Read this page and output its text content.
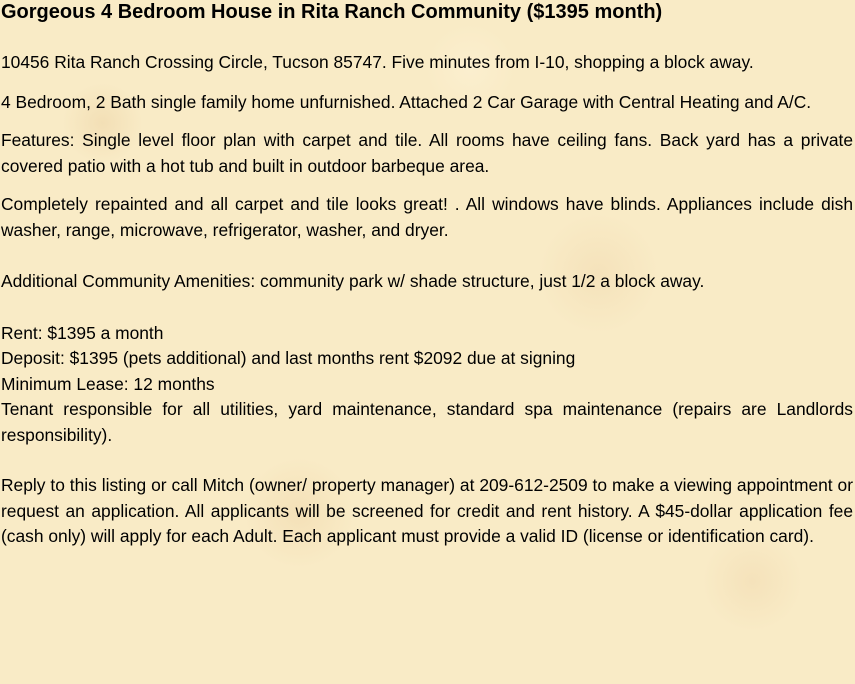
Gorgeous 4 Bedroom House in Rita Ranch Community ($1395 month)

10456 Rita Ranch Crossing Circle, Tucson 85747. Five minutes from I-10, shopping a block away.

4 Bedroom, 2 Bath single family home unfurnished. Attached 2 Car Garage with Central Heating and A/C.

Features: Single level floor plan with carpet and tile. All rooms have ceiling fans. Back yard has a private covered patio with a hot tub and built in outdoor barbeque area.

Completely repainted and all carpet and tile looks great! . All windows have blinds. Appliances include dish washer, range, microwave, refrigerator, washer, and dryer.

Additional Community Amenities: community park w/ shade structure, just 1/2 a block away.

Rent: $1395 a month
Deposit: $1395 (pets additional) and last months rent $2092 due at signing
Minimum Lease: 12 months
Tenant responsible for all utilities, yard maintenance, standard spa maintenance (repairs are Landlords responsibility).

Reply to this listing or call Mitch (owner/ property manager) at 209-612-2509 to make a viewing appointment or request an application. All applicants will be screened for credit and rent history. A $45-dollar application fee (cash only) will apply for each Adult. Each applicant must provide a valid ID (license or identification card).
